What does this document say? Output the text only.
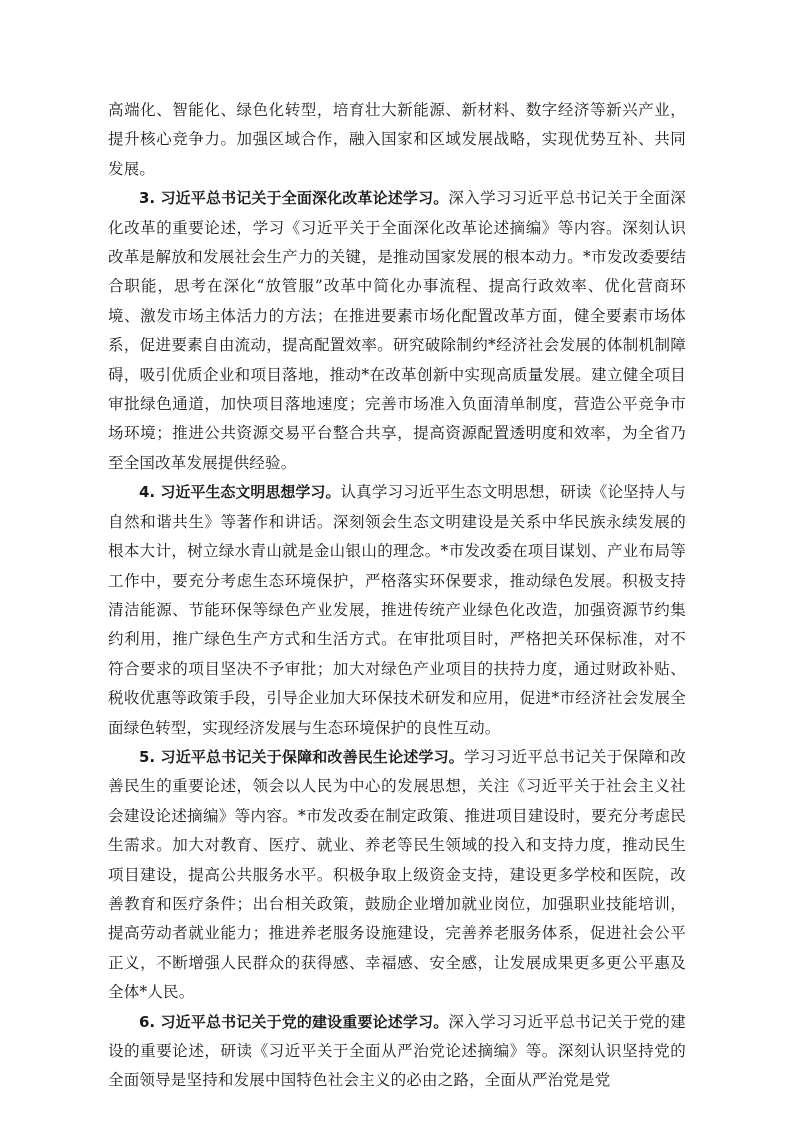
高端化、智能化、绿色化转型，培育壮大新能源、新材料、数字经济等新兴产业，提升核心竞争力。加强区域合作，融入国家和区域发展战略，实现优势互补、共同发展。

3. 习近平总书记关于全面深化改革论述学习。深入学习习近平总书记关于全面深化改革的重要论述，学习《习近平关于全面深化改革论述摘编》等内容。深刻认识改革是解放和发展社会生产力的关键，是推动国家发展的根本动力。*市发改委要结合职能，思考在深化“放管服”改革中简化办事流程、提高行政效率、优化营商环境、激发市场主体活力的方法；在推进要素市场化配置改革方面，健全要素市场体系，促进要素自由流动，提高配置效率。研究破除制约*经济社会发展的体制机制障碍，吸引优质企业和项目落地，推动*在改革创新中实现高质量发展。建立健全项目审批绿色通道，加快项目落地速度；完善市场准入负面清单制度，营造公平竞争市场环境；推进公共资源交易平台整合共享，提高资源配置透明度和效率，为全省乃至全国改革发展提供经验。

4. 习近平生态文明思想学习。认真学习习近平生态文明思想，研读《论坚持人与自然和谐共生》等著作和讲话。深刻领会生态文明建设是关系中华民族永续发展的根本大计，树立绿水青山就是金山银山的理念。*市发改委在项目谋划、产业布局等工作中，要充分考虑生态环境保护，严格落实环保要求，推动绿色发展。积极支持清洁能源、节能环保等绿色产业发展，推进传统产业绿色化改造，加强资源节约集约利用，推广绿色生产方式和生活方式。在审批项目时，严格把关环保标准，对不符合要求的项目坚决不予审批；加大对绿色产业项目的扶持力度，通过财政补贴、税收优惠等政策手段，引导企业加大环保技术研发和应用，促进*市经济社会发展全面绿色转型，实现经济发展与生态环境保护的良性互动。

5. 习近平总书记关于保障和改善民生论述学习。学习习近平总书记关于保障和改善民生的重要论述，领会以人民为中心的发展思想，关注《习近平关于社会主义社会建设论述摘编》等内容。*市发改委在制定政策、推进项目建设时，要充分考虑民生需求。加大对教育、医疗、就业、养老等民生领域的投入和支持力度，推动民生项目建设，提高公共服务水平。积极争取上级资金支持，建设更多学校和医院，改善教育和医疗条件；出台相关政策，鼓励企业增加就业岗位，加强职业技能培训，提高劳动者就业能力；推进养老服务设施建设，完善养老服务体系，促进社会公平正义，不断增强人民群众的获得感、幸福感、安全感，让发展成果更多更公平惠及全体*人民。

6. 习近平总书记关于党的建设重要论述学习。深入学习习近平总书记关于党的建设的重要论述，研读《习近平关于全面从严治党论述摘编》等。深刻认识坚持党的全面领导是坚持和发展中国特色社会主义的必由之路，全面从严治党是党
